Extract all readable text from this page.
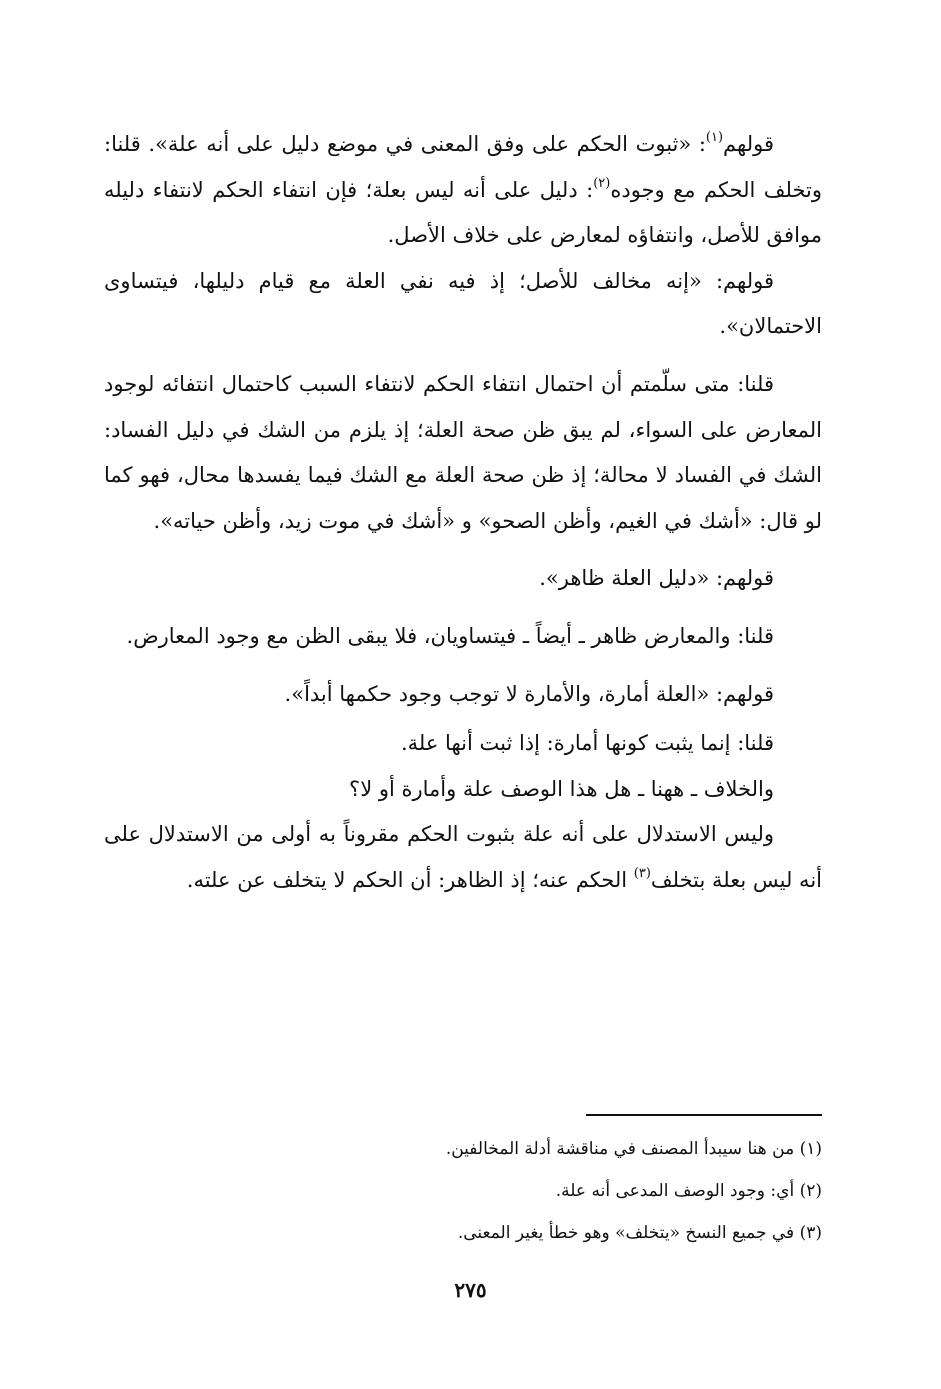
قولهم$^{(١)}$: «ثبوت الحكم على وفق المعنى في موضع دليل على أنه علة». قلنا: وتخلف الحكم مع وجوده$^{(٢)}$: دليل على أنه ليس بعلة؛ فإن انتفاء الحكم لانتفاء دليله موافق للأصل، وانتفاؤه لمعارض على خلاف الأصل.

قولهم: «إنه مخالف للأصل؛ إذ فيه نفي العلة مع قيام دليلها، فيتساوى الاحتمالان».

قلنا: متى سلّمتم أن احتمال انتفاء الحكم لانتفاء السبب كاحتمال انتفائه لوجود المعارض على السواء، لم يبق ظن صحة العلة؛ إذ يلزم من الشك في دليل الفساد: الشك في الفساد لا محالة؛ إذ ظن صحة العلة مع الشك فيما يفسدها محال، فهو كما لو قال: «أشك في الغيم، وأظن الصحو» و «أشك في موت زيد، وأظن حياته».

قولهم: «دليل العلة ظاهر».

قلنا: والمعارض ظاهر ـ أيضاً ـ فيتساويان، فلا يبقى الظن مع وجود المعارض.

قولهم: «العلة أمارة، والأمارة لا توجب وجود حكمها أبداً».

قلنا: إنما يثبت كونها أمارة: إذا ثبت أنها علة.

والخلاف ـ ههنا ـ هل هذا الوصف علة وأمارة أو لا؟

وليس الاستدلال على أنه علة بثبوت الحكم مقروناً به أولى من الاستدلال على أنه ليس بعلة بتخلف$^{(٣)}$ الحكم عنه؛ إذ الظاهر: أن الحكم لا يتخلف عن علته.

(١) من هنا سيبدأ المصنف في مناقشة أدلة المخالفين.

(٢) أي: وجود الوصف المدعى أنه علة.

(٣) في جميع النسخ «يتخلف» وهو خطأ يغير المعنى.

٢٧٥
